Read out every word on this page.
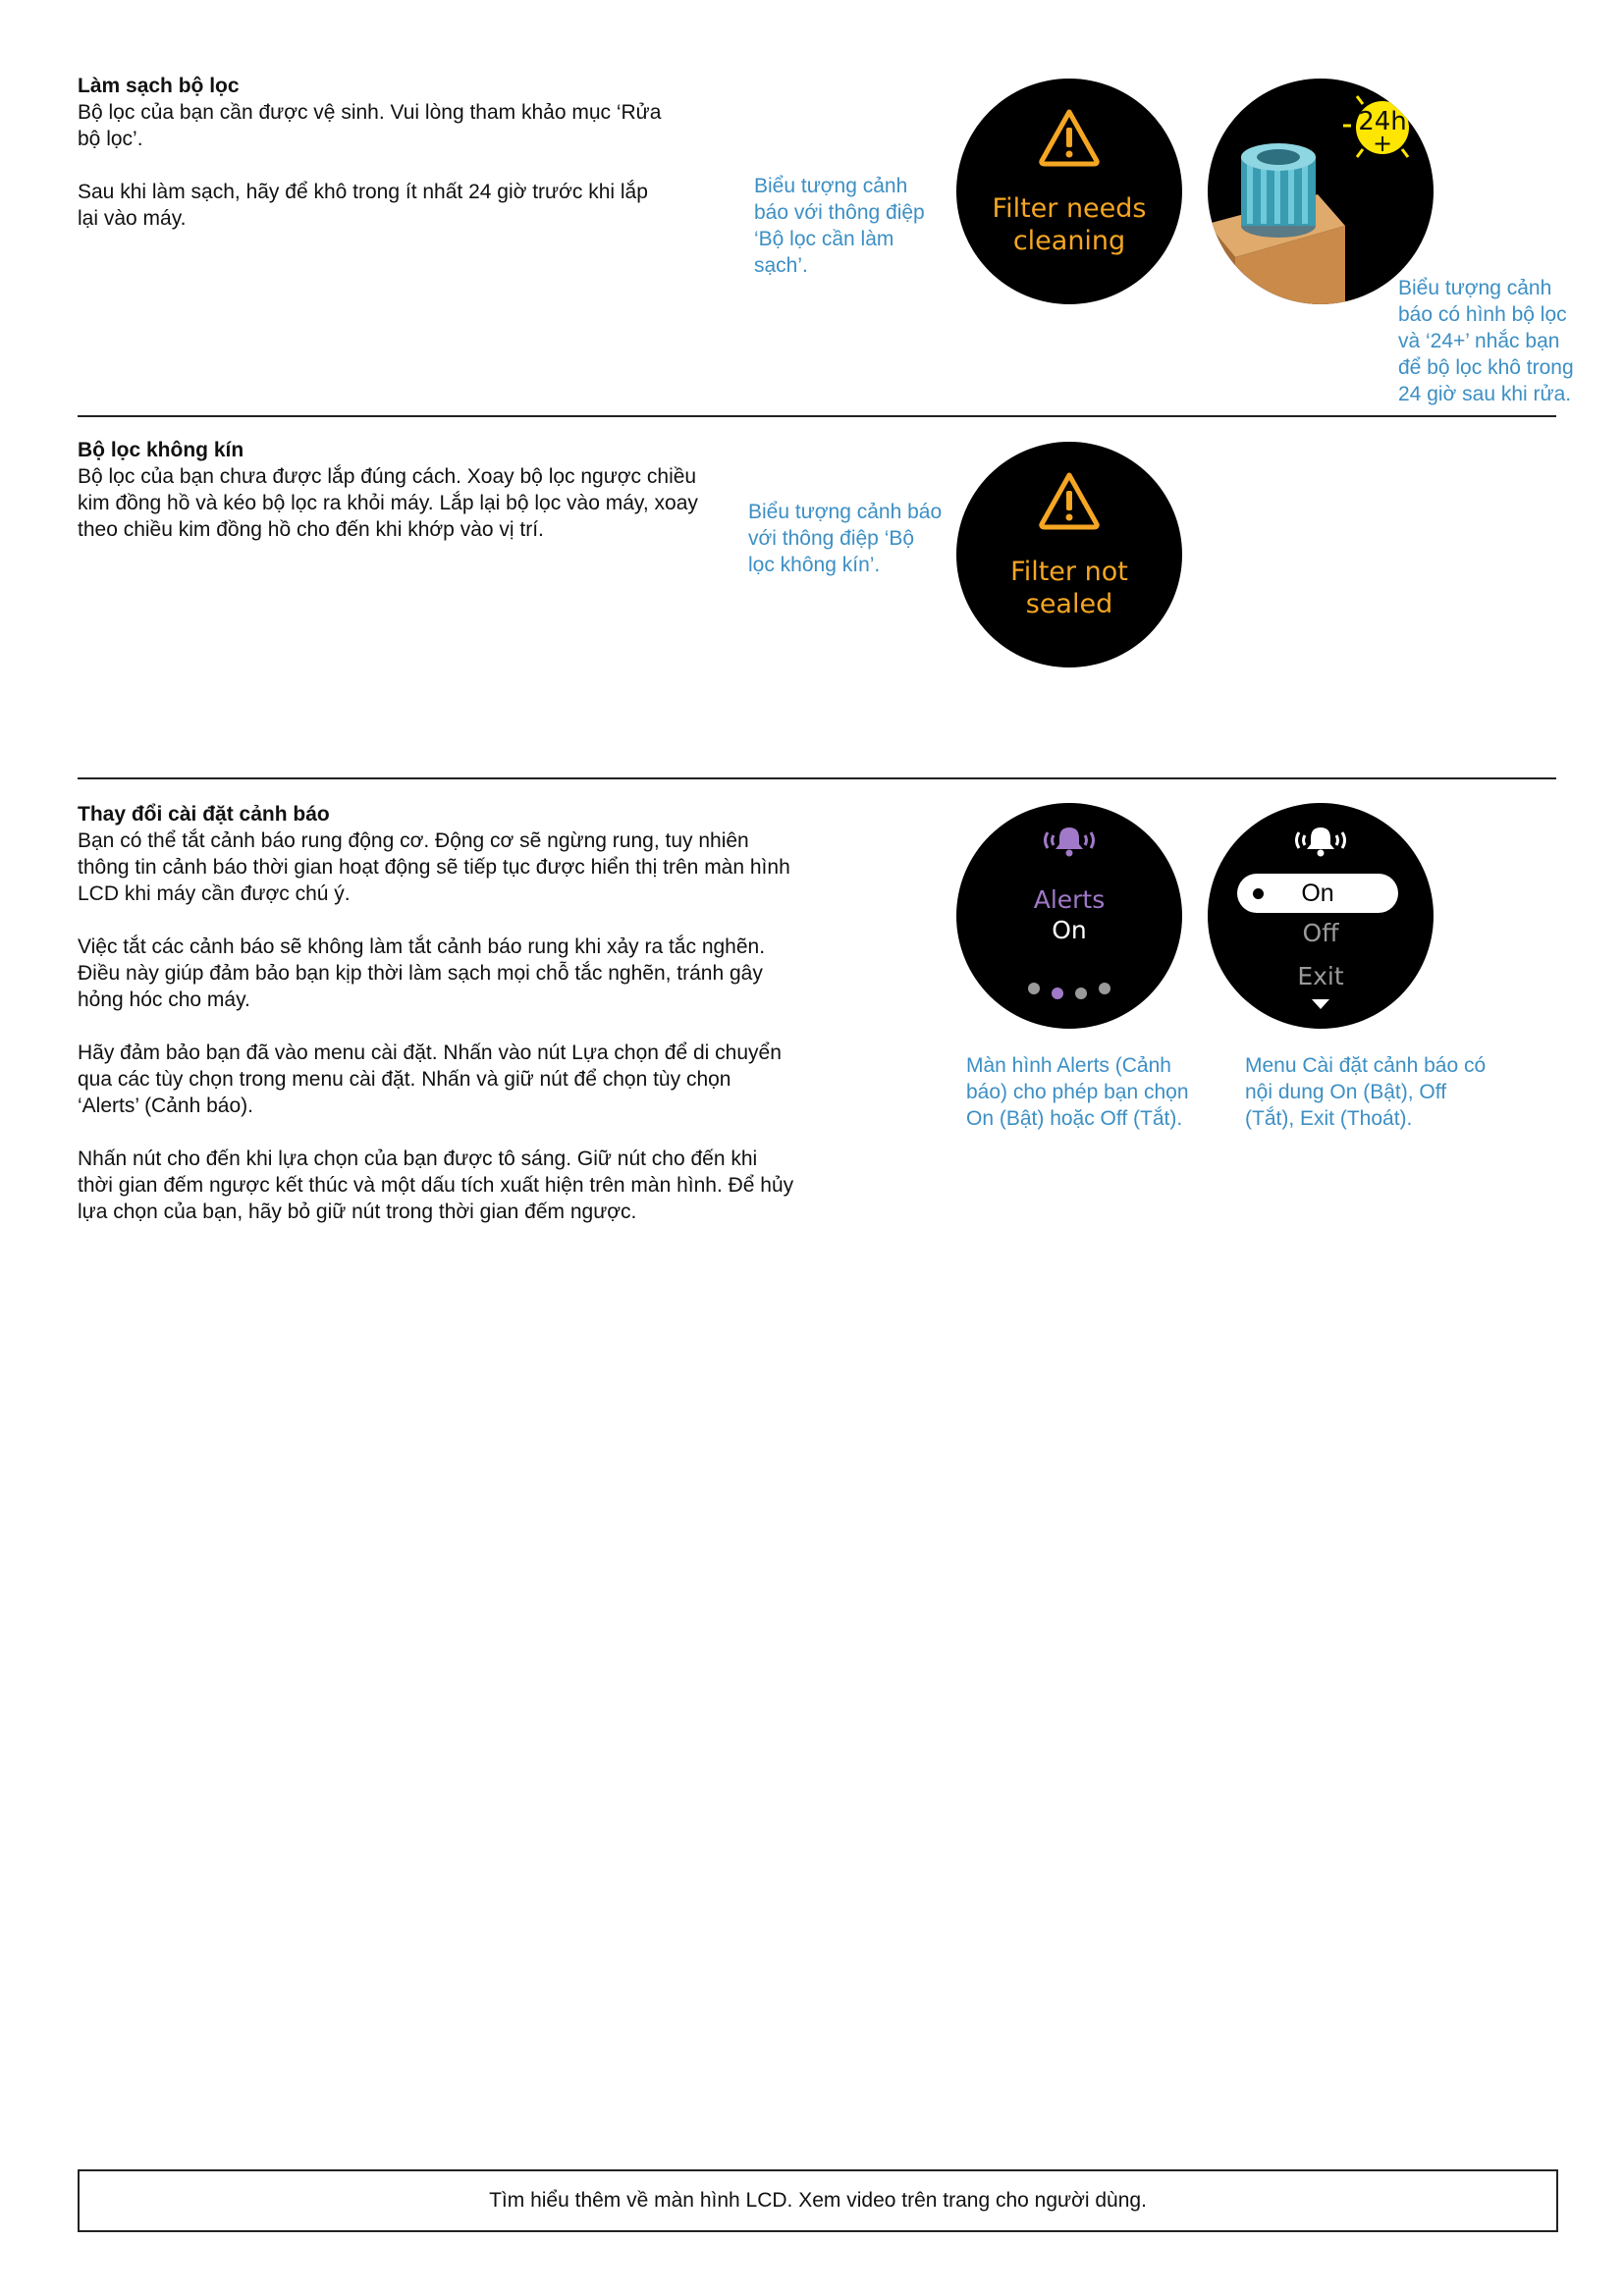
Làm sạch bộ lọc

Bộ lọc của bạn cần được vệ sinh. Vui lòng tham khảo mục ‘Rửa bộ lọc’.

Sau khi làm sạch, hãy để khô trong ít nhất 24 giờ trước khi lắp lại vào máy.

Biểu tượng cảnh báo với thông điệp ‘Bộ lọc cần làm sạch’.
Filter needs cleaning
24h
+
Biểu tượng cảnh báo có hình bộ lọc và ‘24+’ nhắc bạn để bộ lọc khô trong 24 giờ sau khi rửa.

Bộ lọc không kín

Bộ lọc của bạn chưa được lắp đúng cách. Xoay bộ lọc ngược chiều kim đồng hồ và kéo bộ lọc ra khỏi máy. Lắp lại bộ lọc vào máy, xoay theo chiều kim đồng hồ cho đến khi khớp vào vị trí.

Biểu tượng cảnh báo với thông điệp ‘Bộ lọc không kín’.	Filter not sealed

Thay đổi cài đặt cảnh báo

Bạn có thể tắt cảnh báo rung động cơ. Động cơ sẽ ngừng rung, tuy nhiên thông tin cảnh báo thời gian hoạt động sẽ tiếp tục được hiển thị trên màn hình LCD khi máy cần được chú ý.

Việc tắt các cảnh báo sẽ không làm tắt cảnh báo rung khi xảy ra tắc nghẽn. Điều này giúp đảm bảo bạn kịp thời làm sạch mọi chỗ tắc nghẽn, tránh gây hỏng hóc cho máy.

Hãy đảm bảo bạn đã vào menu cài đặt. Nhấn vào nút Lựa chọn để di chuyển qua các tùy chọn trong menu cài đặt. Nhấn và giữ nút để chọn tùy chọn ‘Alerts’ (Cảnh báo).

Nhấn nút cho đến khi lựa chọn của bạn được tô sáng. Giữ nút cho đến khi thời gian đếm ngược kết thúc và một dấu tích xuất hiện trên màn hình. Để hủy lựa chọn của bạn, hãy bỏ giữ nút trong thời gian đếm ngược.

Alerts
On
On
Off
Exit
Màn hình Alerts (Cảnh báo) cho phép bạn chọn On (Bật) hoặc Off (Tắt).
Menu Cài đặt cảnh báo có nội dung On (Bật), Off (Tắt), Exit (Thoát).
Tìm hiểu thêm về màn hình LCD. Xem video trên trang cho người dùng.
